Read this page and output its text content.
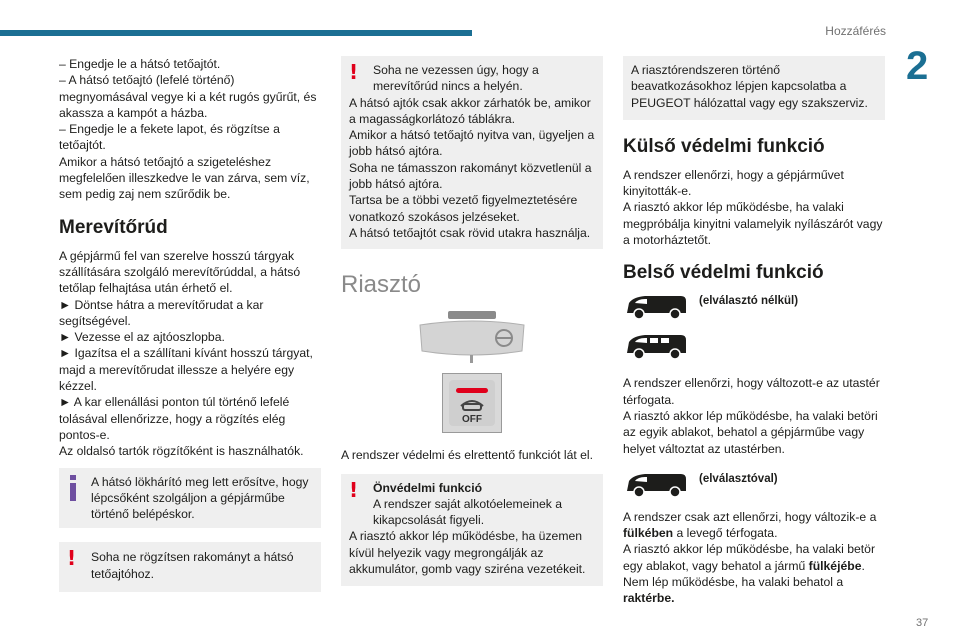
Hozzáférés
2
37

– Engedje le a hátsó tetőajtót.

– A hátsó tetőajtó (lefelé történő) megnyomásával vegye ki a két rugós gyűrűt, és akassza a kampót a házba.

– Engedje le a fekete lapot, és rögzítse a tetőajtót.

Amikor a hátsó tetőajtó a szigeteléshez megfelelően illeszkedve le van zárva, sem víz, sem pedig zaj nem szűrődik be.

Merevítőrúd

A gépjármű fel van szerelve hosszú tárgyak szállítására szolgáló merevítőrúddal, a hátsó tetőlap felhajtása után érhető el.

► Döntse hátra a merevítőrudat a kar segítségével.

► Vezesse el az ajtóoszlopba.

► Igazítsa el a szállítani kívánt hosszú tárgyat, majd a merevítőrudat illessze a helyére egy kézzel.

► A kar ellenállási ponton túl történő lefelé tolásával ellenőrizze, hogy a rögzítés elég pontos-e.

Az oldalsó tartók rögzítőként is használhatók.

A hátsó lökhárító meg lett erősítve, hogy lépcsőként szolgáljon a gépjárműbe történő belépéskor.
!	Soha ne rögzítsen rakományt a hátsó tetőajtóhoz.
!	Soha ne vezessen úgy, hogy a merevítőrúd nincs a helyén.
A hátsó ajtók csak akkor zárhatók be, amikor a magasságkorlátozó táblákra.
Amikor a hátsó tetőajtó nyitva van, ügyeljen a jobb hátsó ajtóra.
Soha ne támasszon rakományt közvetlenül a jobb hátsó ajtóra.
Tartsa be a többi vezető figyelmeztetésére vonatkozó szokásos jelzéseket.
A hátsó tetőajtót csak rövid utakra használja.
Riasztó
OFF

A rendszer védelmi és elrettentő funkciót lát el.

!	Önvédelmi funkció
A rendszer saját alkotóelemeinek a kikapcsolását figyeli.
A riasztó akkor lép működésbe, ha üzemen kívül helyezik vagy megrongálják az akkumulátor, gomb vagy sziréna vezetékeit.
A riasztórendszeren történő beavatkozásokhoz lépjen kapcsolatba a PEUGEOT hálózattal vagy egy szakszerviz.
Külső védelmi funkció

A rendszer ellenőrzi, hogy a gépjárművet kinyitották-e.

A riasztó akkor lép működésbe, ha valaki megpróbálja kinyitni valamelyik nyílászárót vagy a motorháztetőt.

Belső védelmi funkció
(elválasztó nélkül)

A rendszer ellenőrzi, hogy változott-e az utastér térfogata.

A riasztó akkor lép működésbe, ha valaki betöri az egyik ablakot, behatol a gépjárműbe vagy helyet változtat az utastérben.

(elválasztóval)

A rendszer csak azt ellenőrzi, hogy változik-e a fülkében a levegő térfogata.

A riasztó akkor lép működésbe, ha valaki betör egy ablakot, vagy behatol a jármű fülkéjébe.

Nem lép működésbe, ha valaki behatol a raktérbe.
